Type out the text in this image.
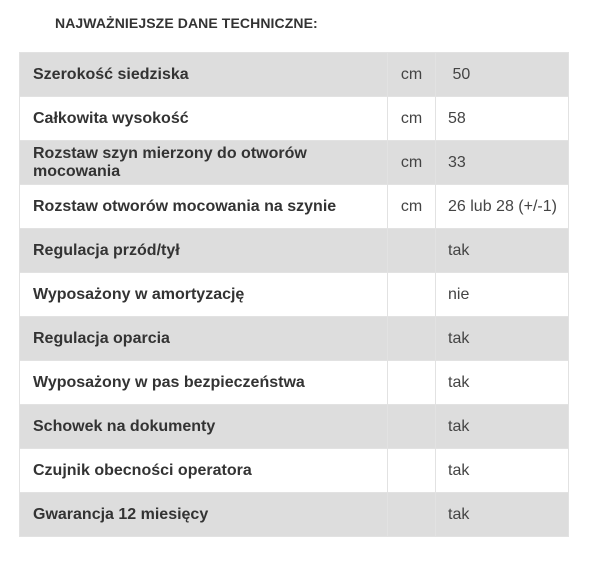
NAJWAŻNIEJSZE DANE TECHNICZNE:
Szerokość siedziska	cm	50
Całkowita wysokość	cm	58
Rozstaw szyn mierzony do otworów mocowania	cm	33
Rozstaw otworów mocowania na szynie	cm	26 lub 28 (+/-1)
Regulacja przód/tył		tak
Wyposażony w amortyzację		nie
Regulacja oparcia		tak
Wyposażony w pas bezpieczeństwa		tak
Schowek na dokumenty		tak
Czujnik obecności operatora		tak
Gwarancja 12 miesięcy		tak
